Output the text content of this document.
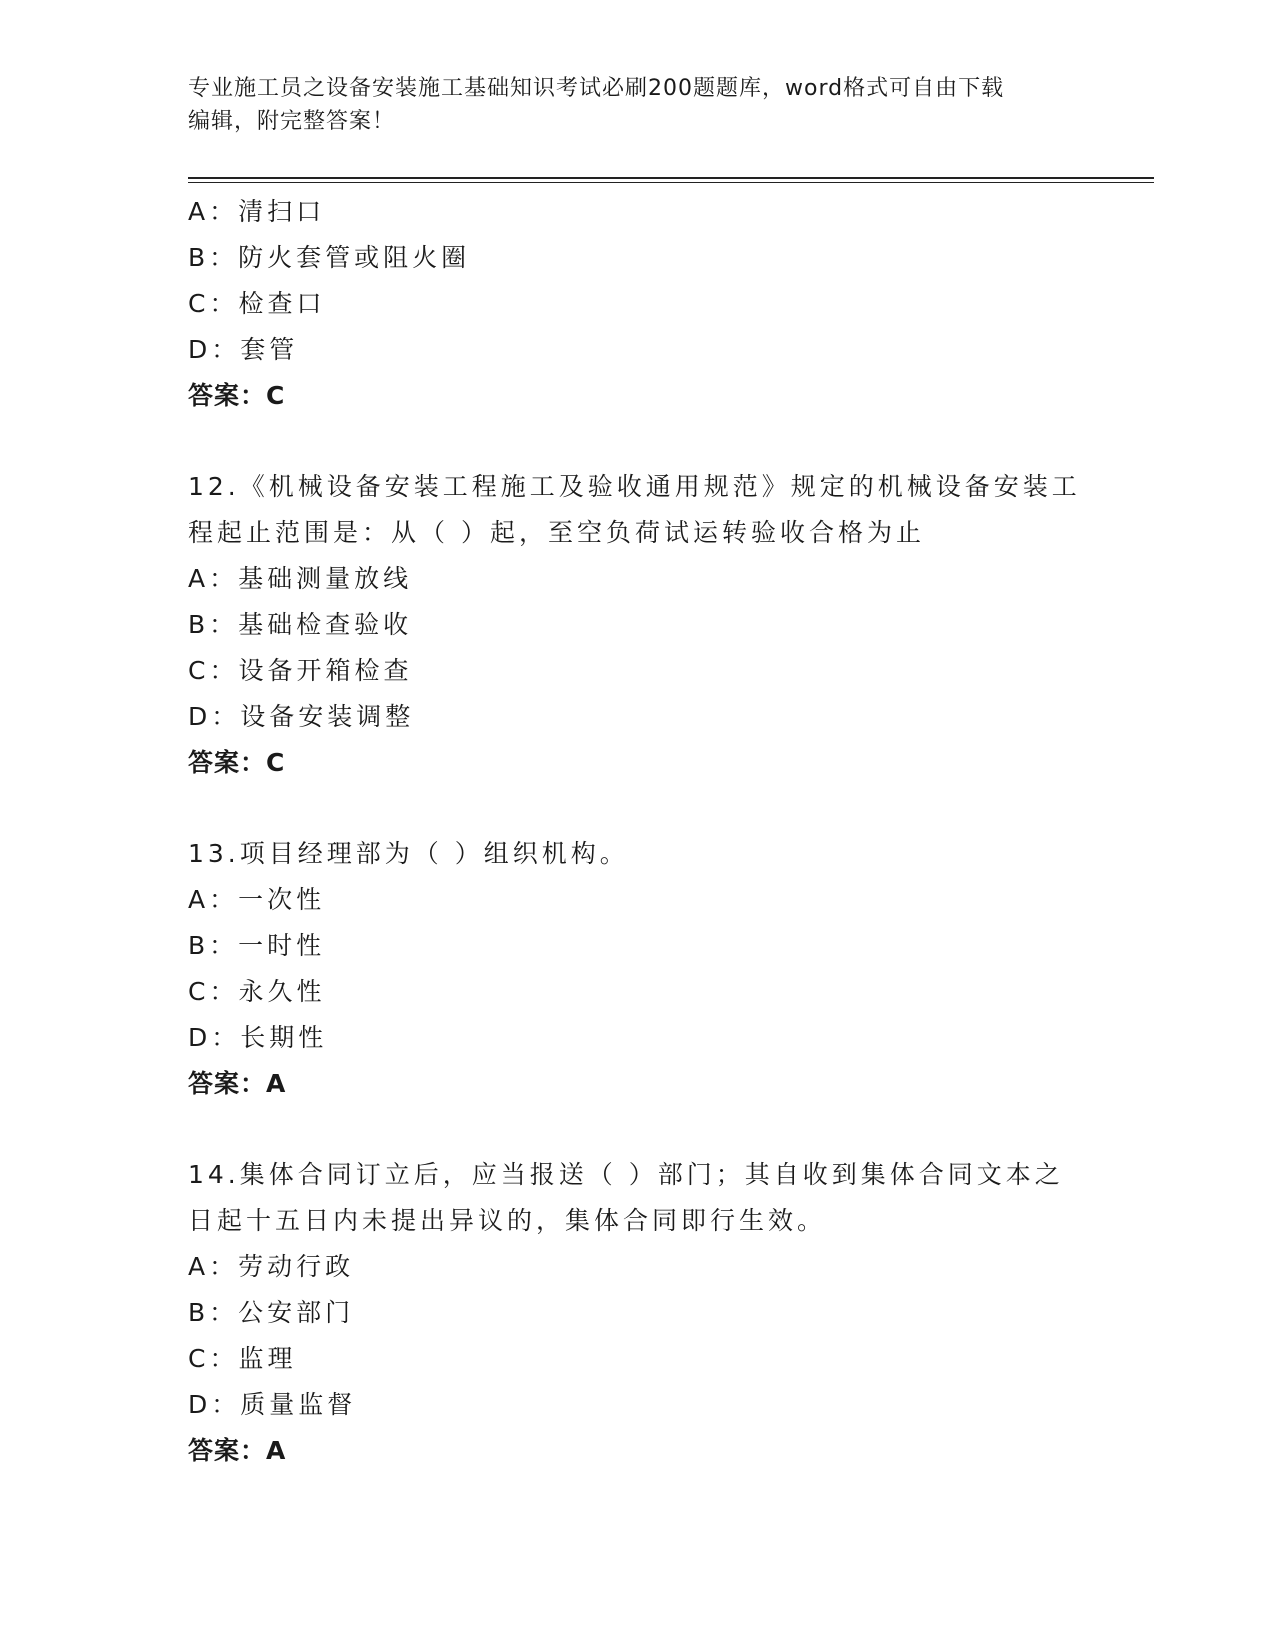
专业施工员之设备安装施工基础知识考试必刷200题题库，word格式可自由下载
编辑，附完整答案！
A：清扫口
B：防火套管或阻火圈
C：检查口
D：套管
答案：C
12.《机械设备安装工程施工及验收通用规范》规定的机械设备安装工
程起止范围是：从（ ）起，至空负荷试运转验收合格为止
A：基础测量放线
B：基础检查验收
C：设备开箱检查
D：设备安装调整
答案：C
13.项目经理部为（ ）组织机构。
A：一次性
B：一时性
C：永久性
D：长期性
答案：A
14.集体合同订立后，应当报送（ ）部门；其自收到集体合同文本之
日起十五日内未提出异议的，集体合同即行生效。
A：劳动行政
B：公安部门
C：监理
D：质量监督
答案：A
